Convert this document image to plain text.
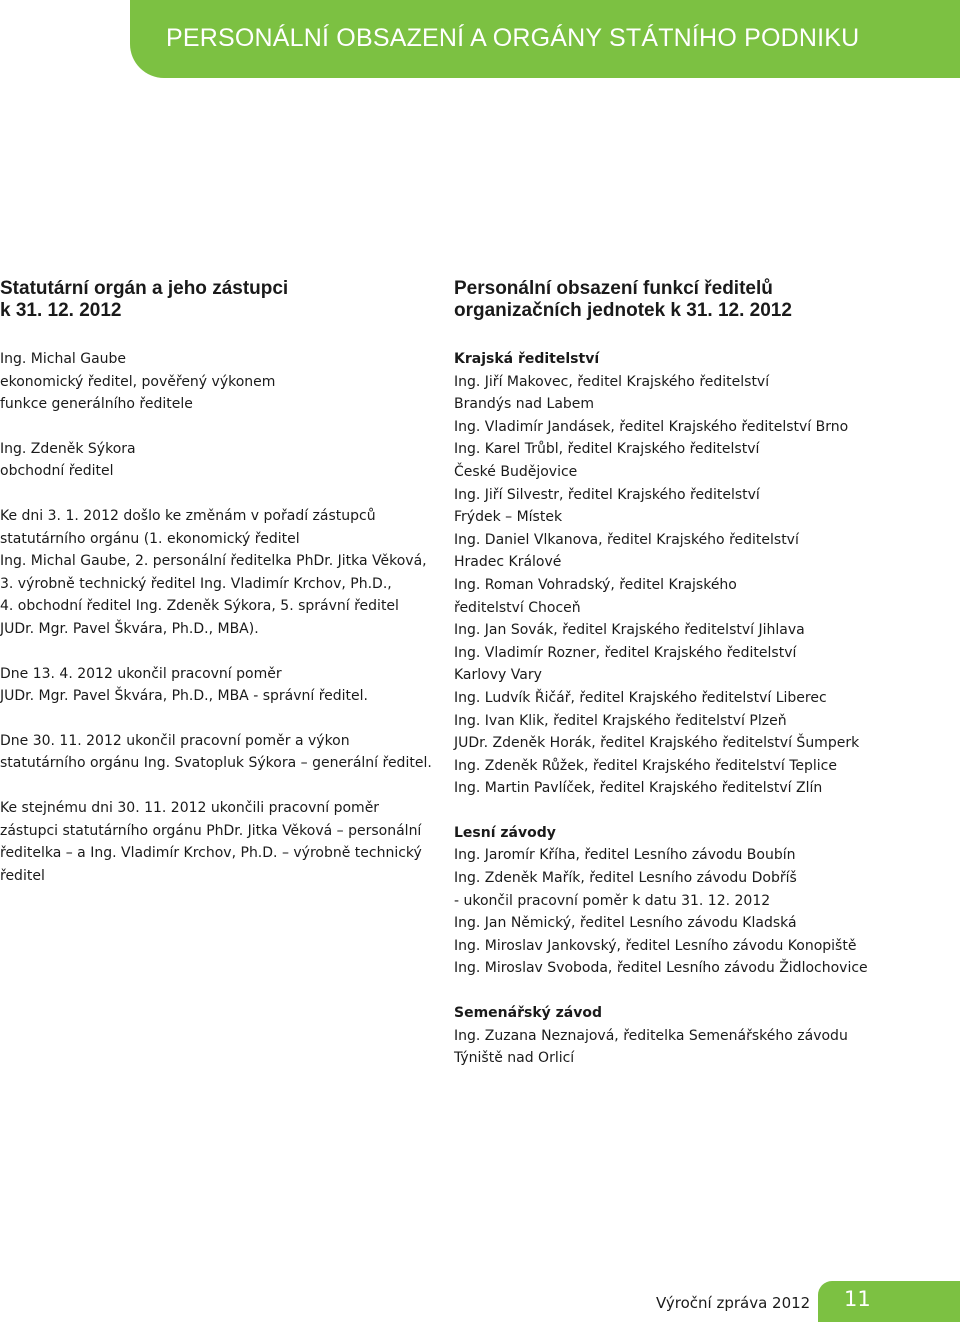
PERSONÁLNÍ OBSAZENÍ A ORGÁNY STÁTNÍHO PODNIKU
Statutární orgán a jeho zástupci
k 31. 12. 2012

Ing. Michal Gaube
ekonomický ředitel, pověřený výkonem
funkce generálního ředitele

Ing. Zdeněk Sýkora
obchodní ředitel

Ke dni 3. 1. 2012 došlo ke změnám v pořadí zástupců
statutárního orgánu (1. ekonomický ředitel
Ing. Michal Gaube, 2. personální ředitelka PhDr. Jitka Věková,
3. výrobně technický ředitel Ing. Vladimír Krchov, Ph.D.,
4. obchodní ředitel Ing. Zdeněk Sýkora, 5. správní ředitel
JUDr. Mgr. Pavel Škvára, Ph.D., MBA).

Dne 13. 4. 2012 ukončil pracovní poměr
JUDr. Mgr. Pavel Škvára, Ph.D., MBA - správní ředitel.

Dne 30. 11. 2012 ukončil pracovní poměr a výkon
statutárního orgánu Ing. Svatopluk Sýkora – generální ředitel.

Ke stejnému dni 30. 11. 2012 ukončili pracovní poměr
zástupci statutárního orgánu PhDr. Jitka Věková – personální
ředitelka – a Ing. Vladimír Krchov, Ph.D. – výrobně technický
ředitel

Personální obsazení funkcí ředitelů
organizačních jednotek k 31. 12. 2012

Krajská ředitelství

Ing. Jiří Makovec, ředitel Krajského ředitelství
Brandýs nad Labem
Ing. Vladimír Jandásek, ředitel Krajského ředitelství Brno
Ing. Karel Trůbl, ředitel Krajského ředitelství
České Budějovice
Ing. Jiří Silvestr, ředitel Krajského ředitelství
Frýdek – Místek
Ing. Daniel Vlkanova, ředitel Krajského ředitelství
Hradec Králové
Ing. Roman Vohradský, ředitel Krajského
ředitelství Choceň
Ing. Jan Sovák, ředitel Krajského ředitelství Jihlava
Ing. Vladimír Rozner, ředitel Krajského ředitelství
Karlovy Vary
Ing. Ludvík Řičář, ředitel Krajského ředitelství Liberec
Ing. Ivan Klik, ředitel Krajského ředitelství Plzeň
JUDr. Zdeněk Horák, ředitel Krajského ředitelství Šumperk
Ing. Zdeněk Růžek, ředitel Krajského ředitelství Teplice
Ing. Martin Pavlíček, ředitel Krajského ředitelství Zlín

Lesní závody

Ing. Jaromír Kříha, ředitel Lesního závodu Boubín
Ing. Zdeněk Mařík, ředitel Lesního závodu Dobříš
- ukončil pracovní poměr k datu 31. 12. 2012
Ing. Jan Němický, ředitel Lesního závodu Kladská
Ing. Miroslav Jankovský, ředitel Lesního závodu Konopiště
Ing. Miroslav Svoboda, ředitel Lesního závodu Židlochovice

Semenářský závod

Ing. Zuzana Neznajová, ředitelka Semenářského závodu
Týniště nad Orlicí

Výroční zpráva 2012 11
